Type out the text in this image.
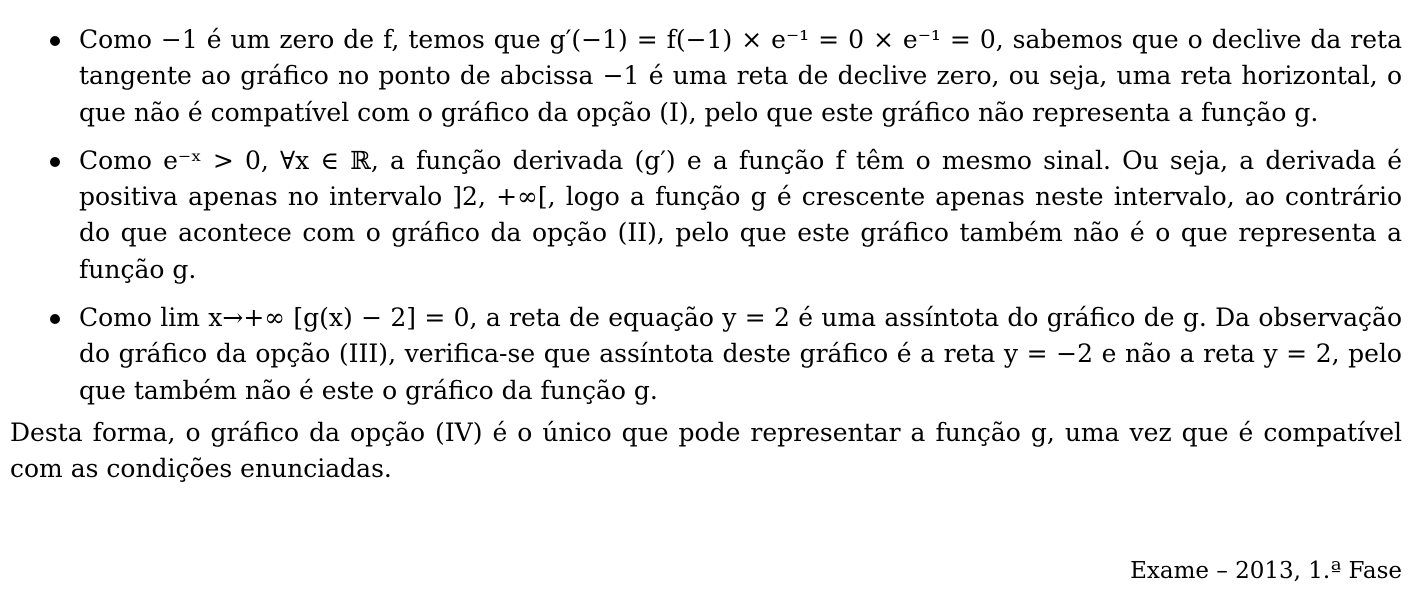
Como −1 é um zero de f, temos que g′(−1) = f(−1) × e⁻¹ = 0 × e⁻¹ = 0, sabemos que o declive da reta tangente ao gráfico no ponto de abcissa −1 é uma reta de declive zero, ou seja, uma reta horizontal, o que não é compatível com o gráfico da opção (I), pelo que este gráfico não representa a função g.
Como e⁻ˣ > 0, ∀x ∈ ℝ, a função derivada (g′) e a função f têm o mesmo sinal. Ou seja, a derivada é positiva apenas no intervalo ]2, +∞[, logo a função g é crescente apenas neste intervalo, ao contrário do que acontece com o gráfico da opção (II), pelo que este gráfico também não é o que representa a função g.
Como lim x→+∞ [g(x) − 2] = 0, a reta de equação y = 2 é uma assíntota do gráfico de g. Da observação do gráfico da opção (III), verifica-se que assíntota deste gráfico é a reta y = −2 e não a reta y = 2, pelo que também não é este o gráfico da função g.

Desta forma, o gráfico da opção (IV) é o único que pode representar a função g, uma vez que é compatível com as condições enunciadas.

Exame – 2013, 1.ª Fase
